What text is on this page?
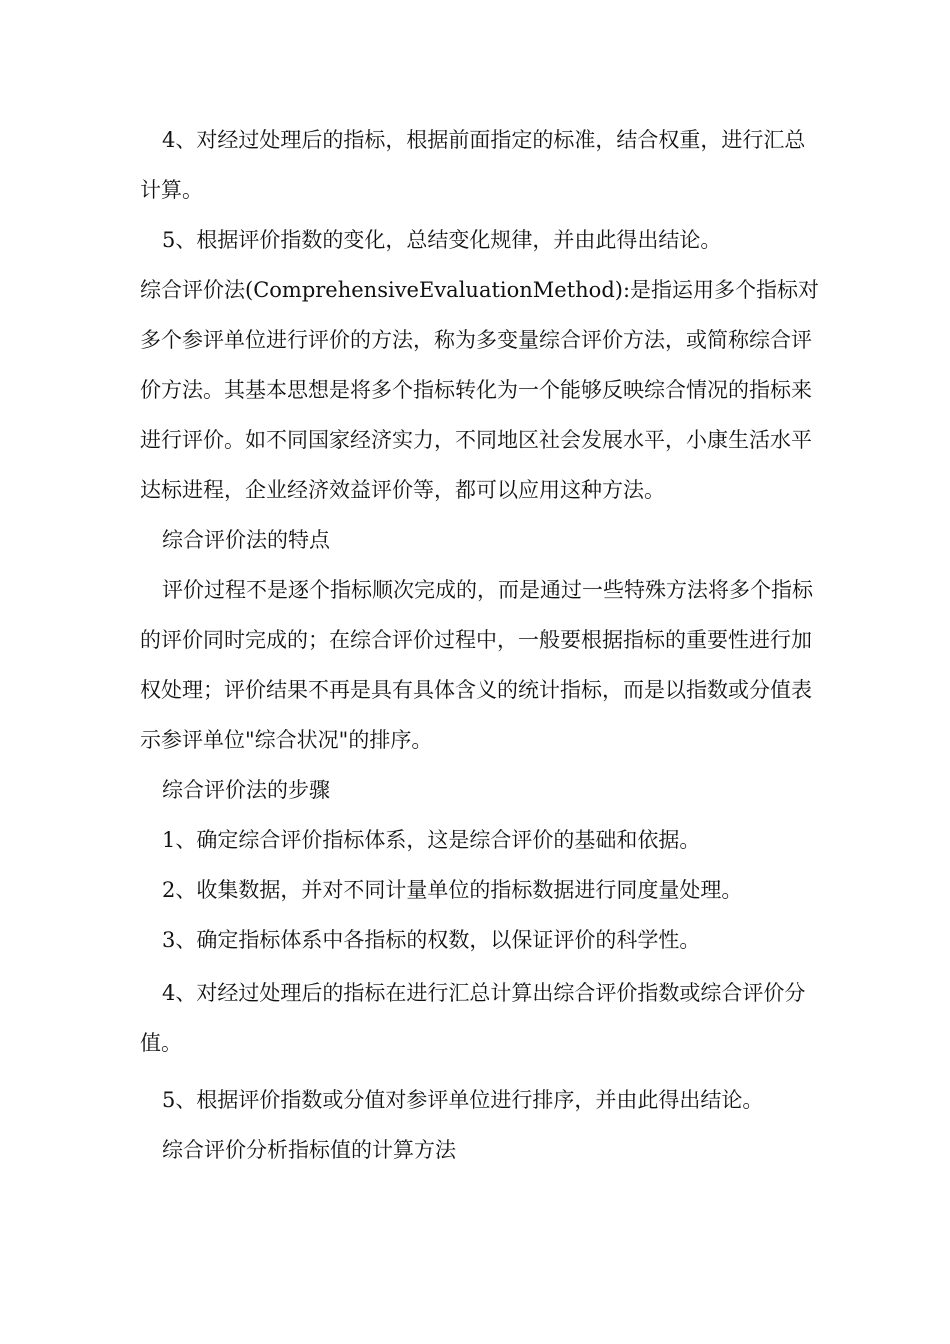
4、对经过处理后的指标，根据前面指定的标准，结合权重，进行汇总计算。

5、根据评价指数的变化，总结变化规律，并由此得出结论。

综合评价法(ComprehensiveEvaluationMethod):是指运用多个指标对多个参评单位进行评价的方法，称为多变量综合评价方法，或简称综合评价方法。其基本思想是将多个指标转化为一个能够反映综合情况的指标来进行评价。如不同国家经济实力，不同地区社会发展水平，小康生活水平达标进程，企业经济效益评价等，都可以应用这种方法。

综合评价法的特点

评价过程不是逐个指标顺次完成的，而是通过一些特殊方法将多个指标的评价同时完成的；在综合评价过程中，一般要根据指标的重要性进行加权处理；评价结果不再是具有具体含义的统计指标，而是以指数或分值表示参评单位"综合状况"的排序。

综合评价法的步骤

1、确定综合评价指标体系，这是综合评价的基础和依据。

2、收集数据，并对不同计量单位的指标数据进行同度量处理。

3、确定指标体系中各指标的权数，以保证评价的科学性。

4、对经过处理后的指标在进行汇总计算出综合评价指数或综合评价分值。

5、根据评价指数或分值对参评单位进行排序，并由此得出结论。

综合评价分析指标值的计算方法
